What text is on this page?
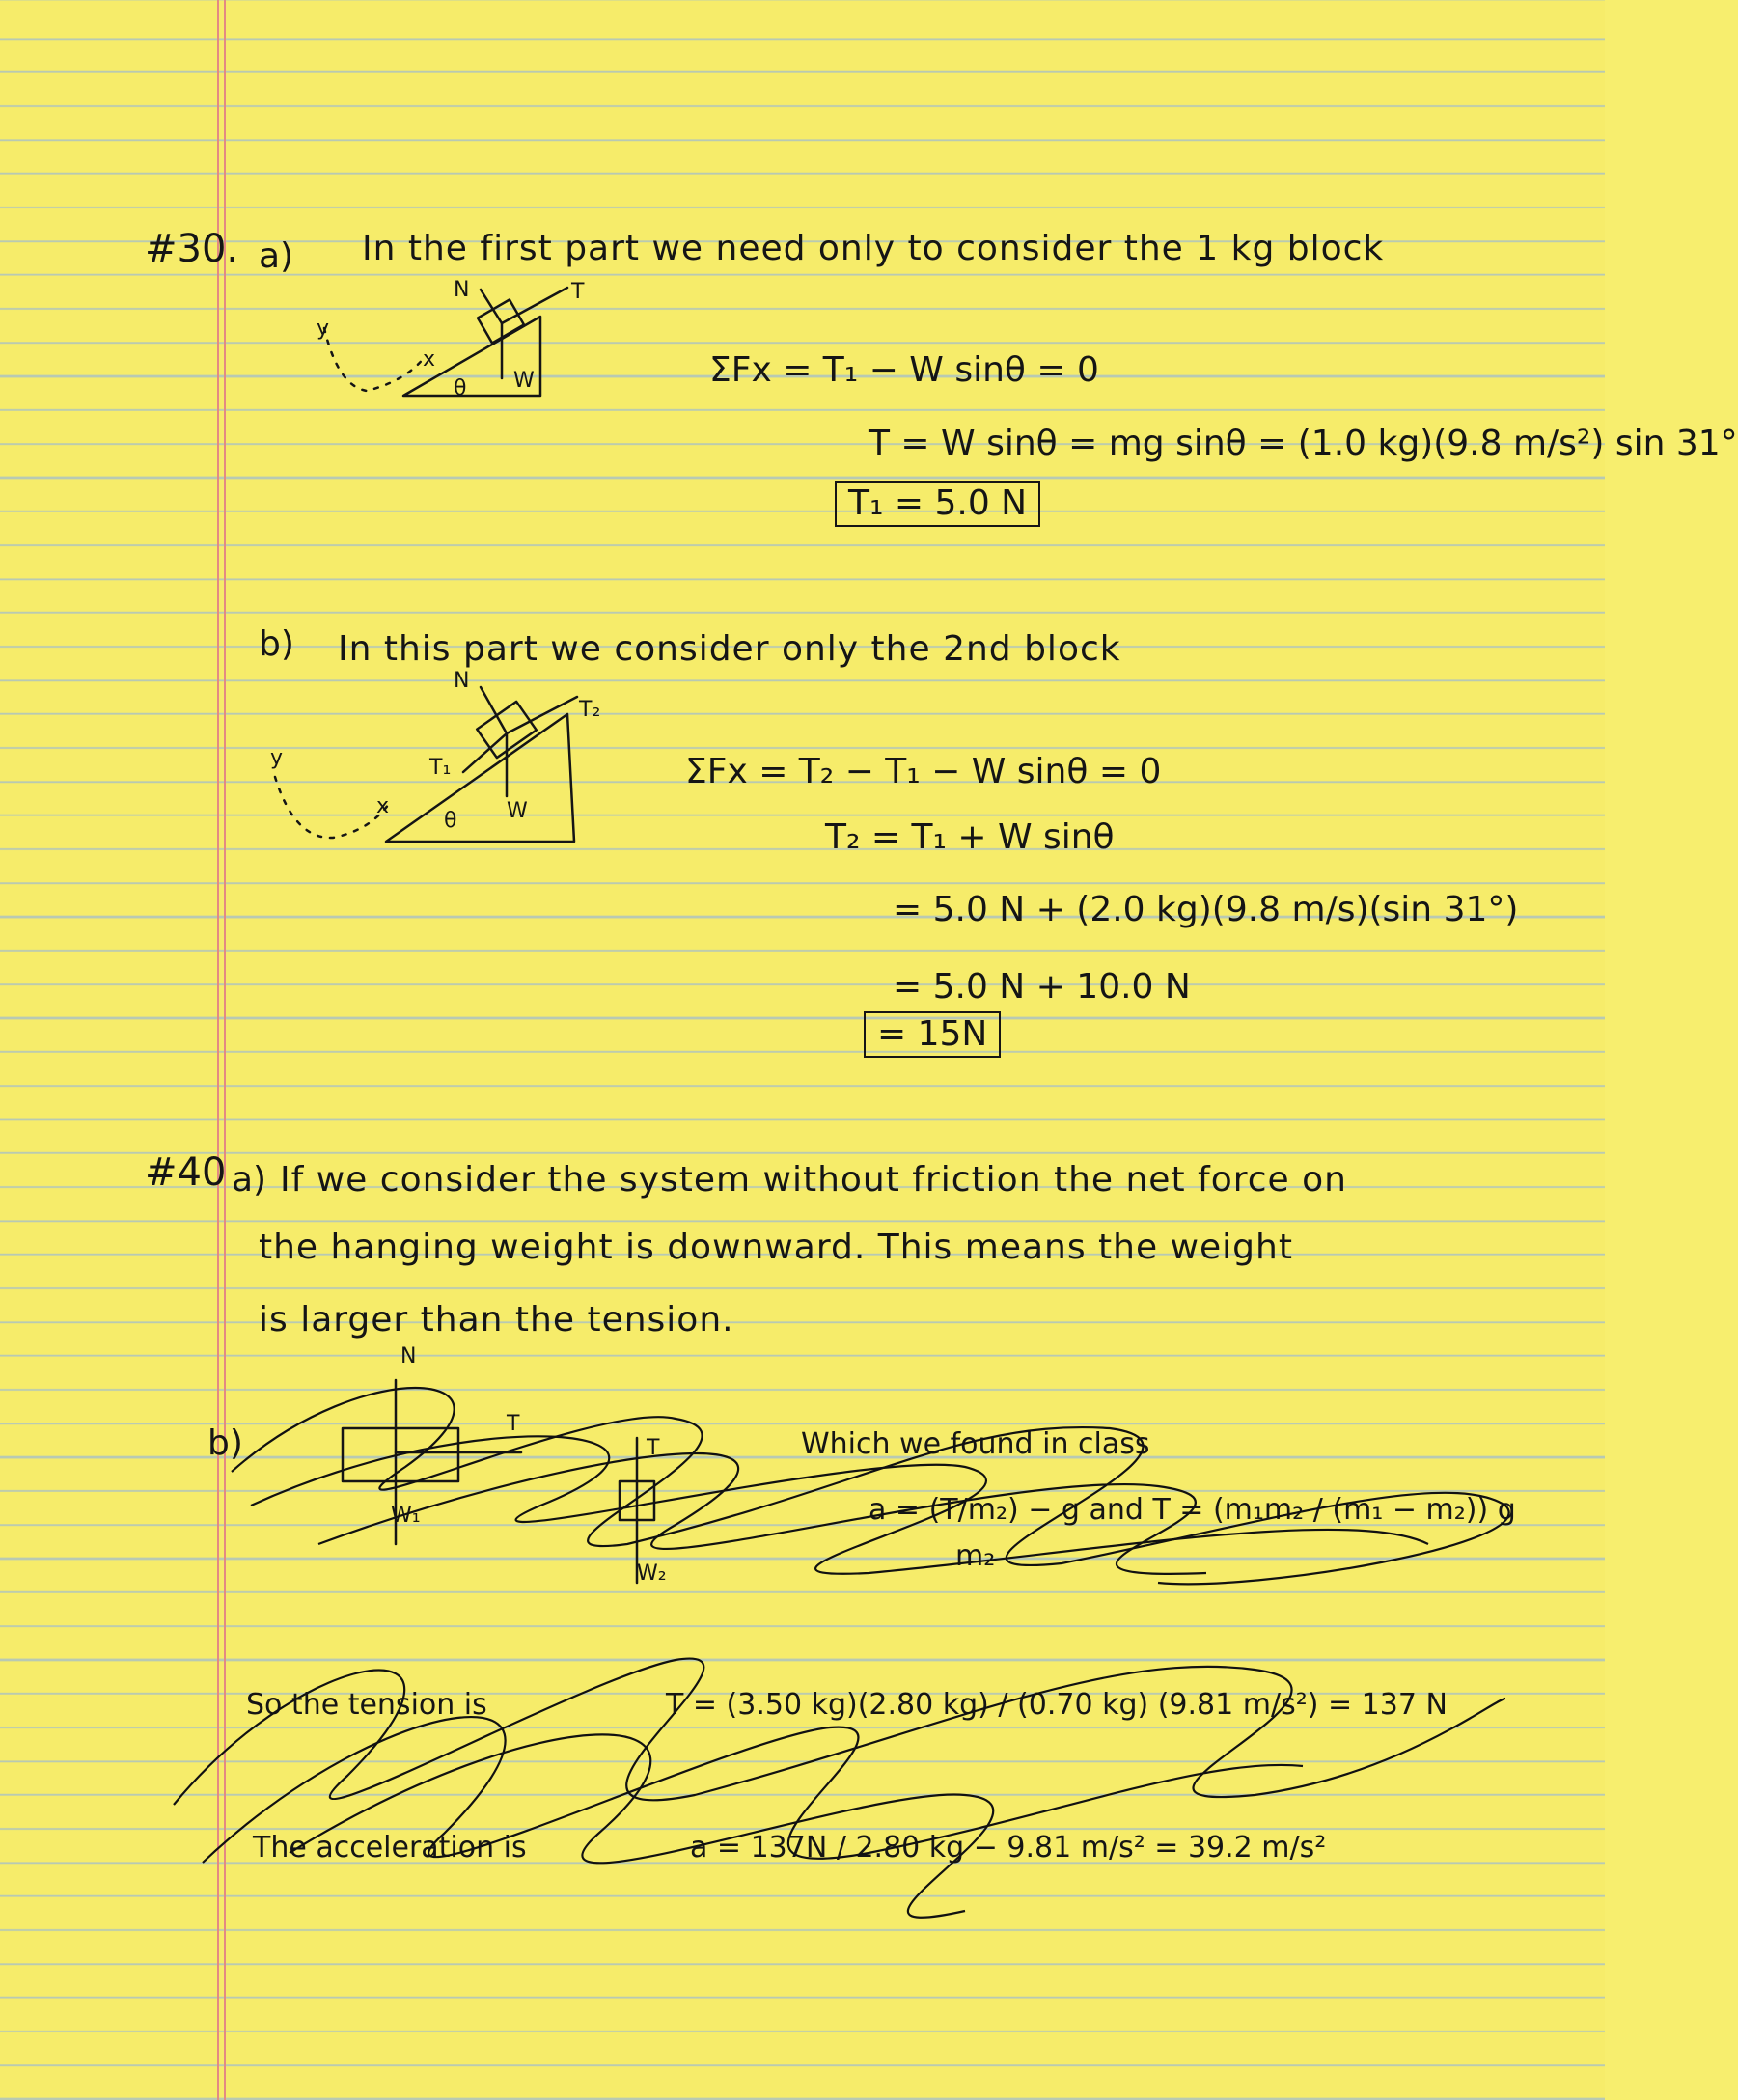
#30. a) In the first part we need only to consider the 1 kg block
N	T
W
θ
x
y
ΣFx = T₁ − W sinθ = 0
T = W sinθ = mg sinθ = (1.0 kg)(9.8 m/s²) sin 31°
T₁ = 5.0 N
b) In this part we consider only the 2nd block
N
T₂
T₁
W
θ
x
y	ΣFx = T₂ − T₁ − W sinθ = 0
T₂ = T₁ + W sinθ
= 5.0 N + (2.0 kg)(9.8 m/s)(sin 31°)
= 5.0 N + 10.0 N
= 15N
#40 a) If we consider the system without friction the net force on
the hanging weight is downward. This means the weight
is larger than the tension.
b)
N
T
T
W₁
W₂
Which we found in class
a = (T/m₂) − g and T = (m₁m₂ / (m₁ − m₂)) g
m₂
So the tension is	T = (3.50 kg)(2.80 kg) / (0.70 kg) (9.81 m/s²) = 137 N
The acceleration is	a = 137N / 2.80 kg − 9.81 m/s² = 39.2 m/s²
